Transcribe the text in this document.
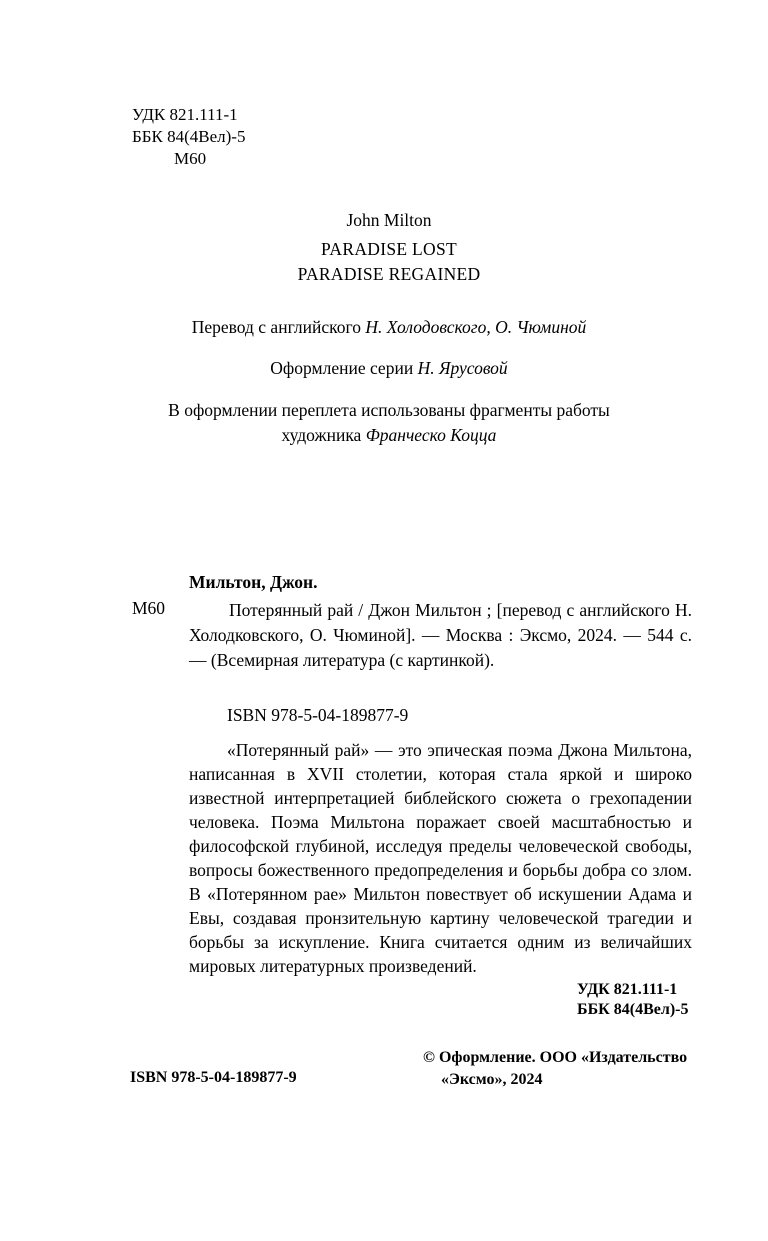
УДК 821.111-1
ББК 84(4Вел)-5
М60
John Milton
PARADISE LOST
PARADISE REGAINED
Перевод с английского Н. Холодовского, О. Чюминой
Оформление серии Н. Ярусовой
В оформлении переплета использованы фрагменты работы
художника Франческо Коцца
Мильтон, Джон.
М60	Потерянный рай / Джон Мильтон ; [перевод с английского Н. Холодковского, О. Чюминой]. — Москва : Эксмо, 2024. — 544 с. — (Всемирная литература (с картинкой).
ISBN 978-5-04-189877-9
«Потерянный рай» — это эпическая поэма Джона Мильтона, написанная в XVII столетии, которая стала яркой и широко известной интерпретацией библейского сюжета о грехопадении человека. Поэма Мильтона поражает своей масштабностью и философской глубиной, исследуя пределы человеческой свободы, вопросы божественного предопределения и борьбы добра со злом. В «Потерянном рае» Мильтон повествует об искушении Адама и Евы, создавая пронзительную картину человеческой трагедии и борьбы за искупление. Книга считается одним из величайших мировых литературных произведений.
УДК 821.111-1
ББК 84(4Вел)-5
© Оформление. ООО «Издательство
«Эксмо», 2024
ISBN 978-5-04-189877-9
